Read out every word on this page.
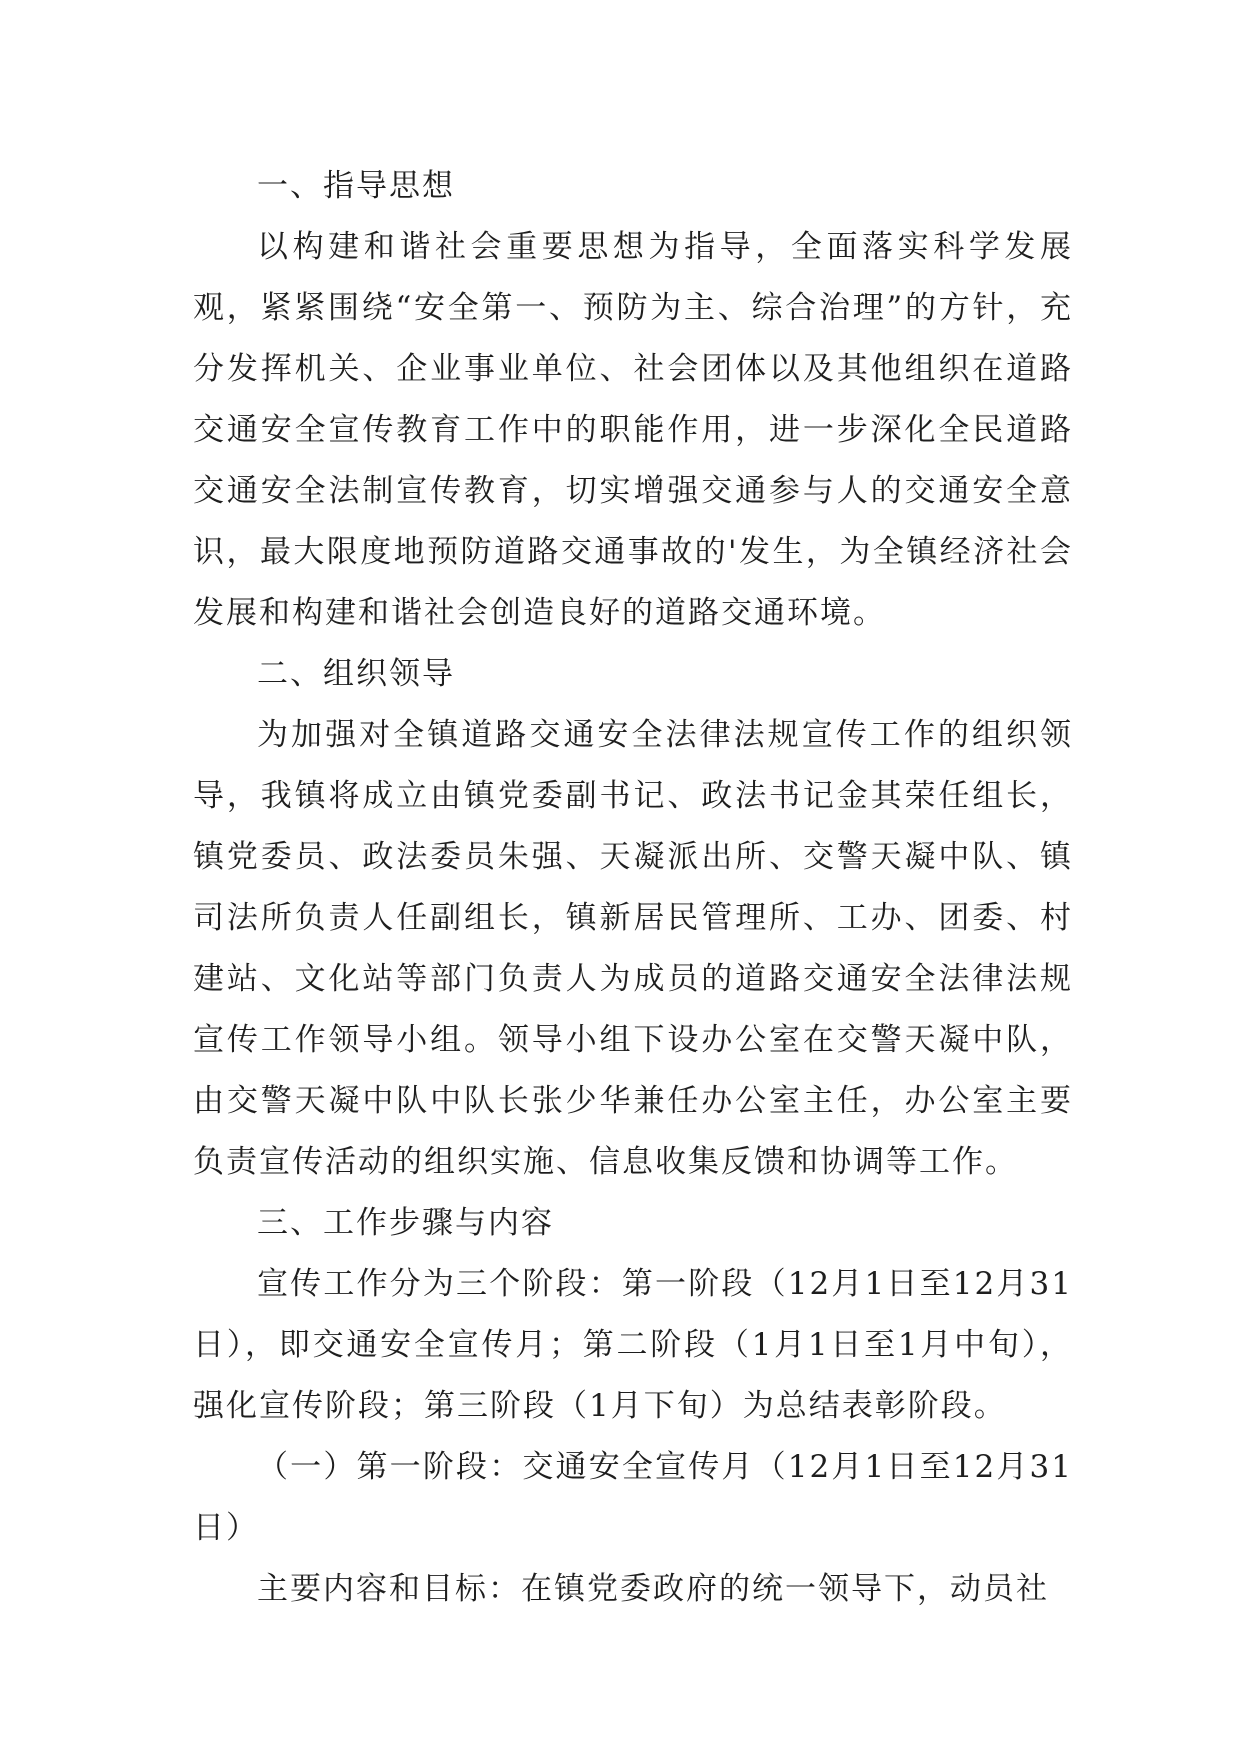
一、指导思想

以构建和谐社会重要思想为指导，全面落实科学发展观，紧紧围绕“安全第一、预防为主、综合治理”的方针，充分发挥机关、企业事业单位、社会团体以及其他组织在道路交通安全宣传教育工作中的职能作用，进一步深化全民道路交通安全法制宣传教育，切实增强交通参与人的交通安全意识，最大限度地预防道路交通事故的'发生，为全镇经济社会发展和构建和谐社会创造良好的道路交通环境。

二、组织领导

为加强对全镇道路交通安全法律法规宣传工作的组织领导，我镇将成立由镇党委副书记、政法书记金其荣任组长，镇党委员、政法委员朱强、天凝派出所、交警天凝中队、镇司法所负责人任副组长，镇新居民管理所、工办、团委、村建站、文化站等部门负责人为成员的道路交通安全法律法规宣传工作领导小组。领导小组下设办公室在交警天凝中队，由交警天凝中队中队长张少华兼任办公室主任，办公室主要负责宣传活动的组织实施、信息收集反馈和协调等工作。

三、工作步骤与内容

宣传工作分为三个阶段：第一阶段（12月1日至12月31日），即交通安全宣传月；第二阶段（1月1日至1月中旬），强化宣传阶段；第三阶段（1月下旬）为总结表彰阶段。

（一）第一阶段：交通安全宣传月（12月1日至12月31日）

主要内容和目标：在镇党委政府的统一领导下，动员社
